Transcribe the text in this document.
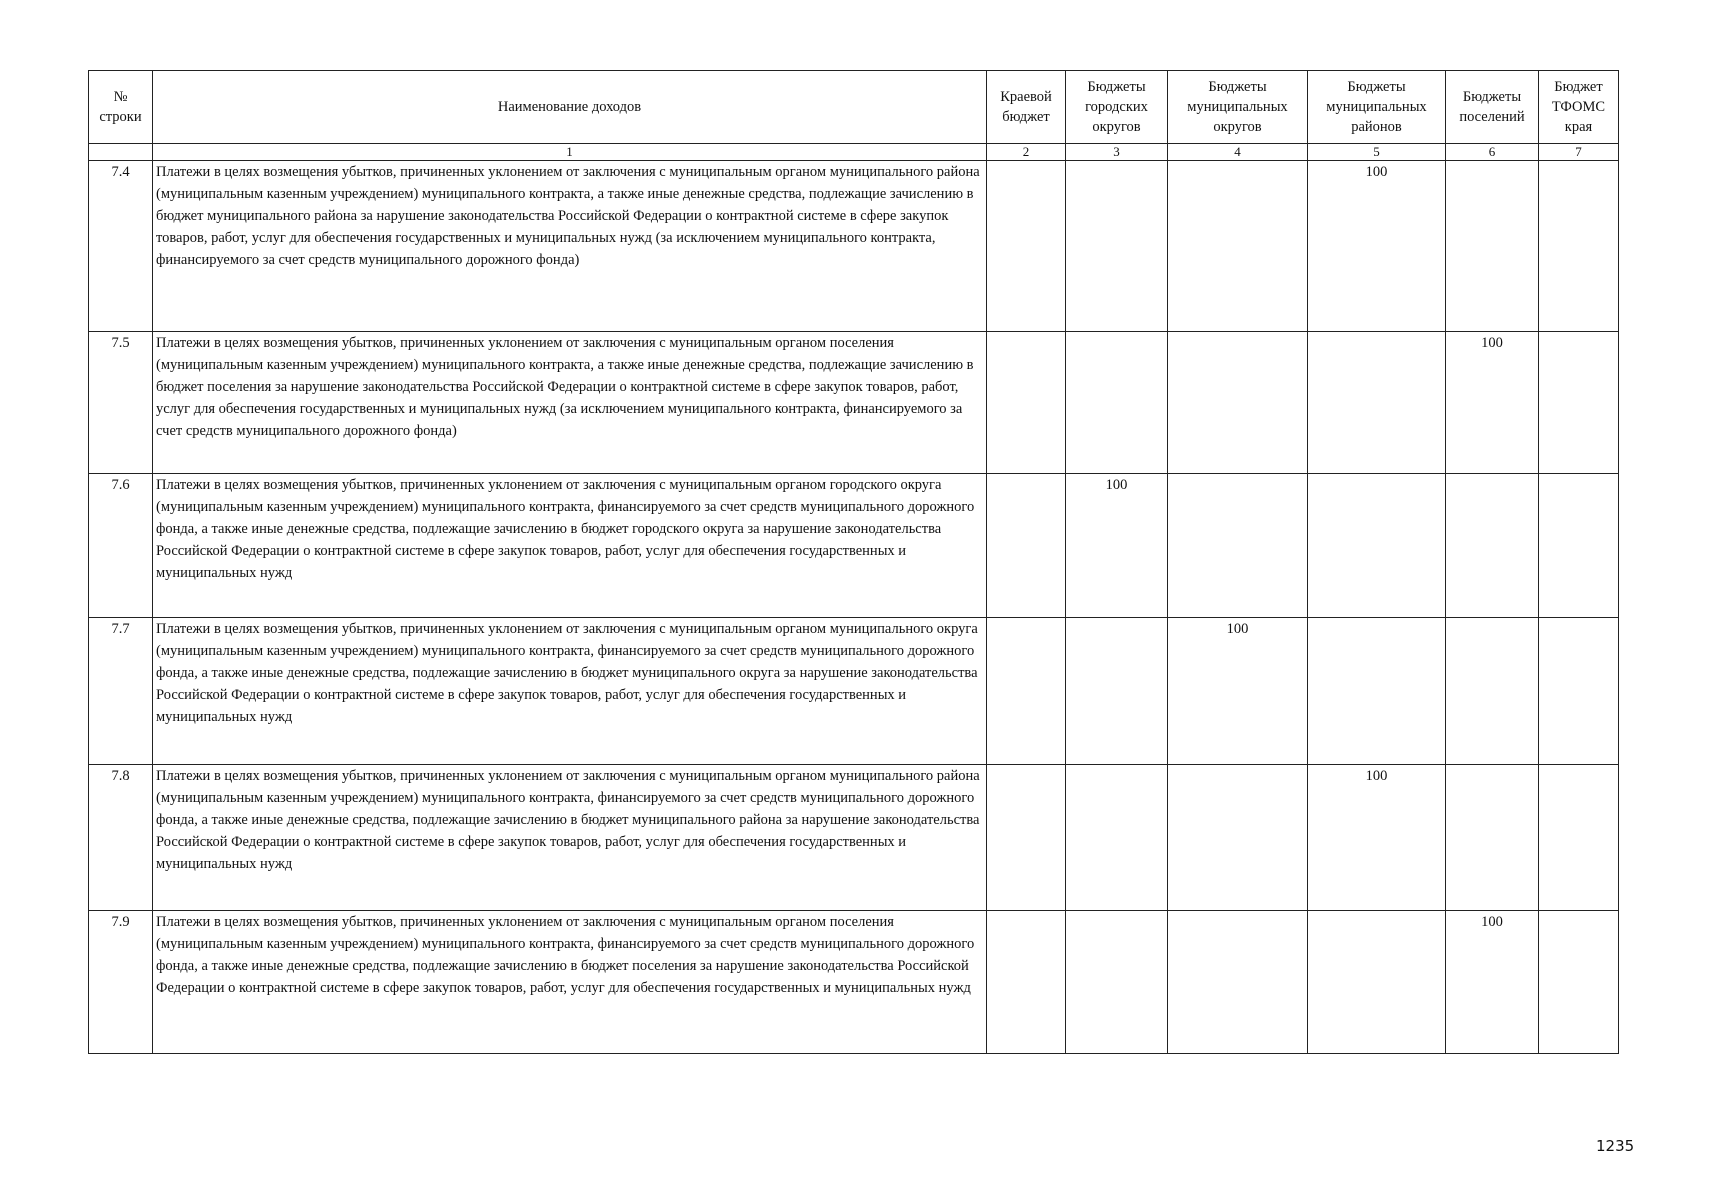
№ строки	Наименование доходов	Краевой бюджет	Бюджеты городских округов	Бюджеты муниципальных округов	Бюджеты муниципальных районов	Бюджеты поселений	Бюджет ТФОМС края
	1	2	3	4	5	6	7
7.4	Платежи в целях возмещения убытков, причиненных уклонением от заключения с муниципальным органом муниципального района (муниципальным казенным учреждением) муниципального контракта, а также иные денежные средства, подлежащие зачислению в бюджет муниципального района за нарушение законодательства Российской Федерации о контрактной системе в сфере закупок товаров, работ, услуг для обеспечения государственных и муниципальных нужд (за исключением муниципального контракта, финансируемого за счет средств муниципального дорожного фонда)				100		
7.5	Платежи в целях возмещения убытков, причиненных уклонением от заключения с муниципальным органом поселения (муниципальным казенным учреждением) муниципального контракта, а также иные денежные средства, подлежащие зачислению в бюджет поселения за нарушение законодательства Российской Федерации о контрактной системе в сфере закупок товаров, работ, услуг для обеспечения государственных и муниципальных нужд (за исключением муниципального контракта, финансируемого за счет средств муниципального дорожного фонда)					100	
7.6	Платежи в целях возмещения убытков, причиненных уклонением от заключения с муниципальным органом городского округа (муниципальным казенным учреждением) муниципального контракта, финансируемого за счет средств муниципального дорожного фонда, а также иные денежные средства, подлежащие зачислению в бюджет городского округа за нарушение законодательства Российской Федерации о контрактной системе в сфере закупок товаров, работ, услуг для обеспечения государственных и муниципальных нужд		100				
7.7	Платежи в целях возмещения убытков, причиненных уклонением от заключения с муниципальным органом муниципального округа (муниципальным казенным учреждением) муниципального контракта, финансируемого за счет средств муниципального дорожного фонда, а также иные денежные средства, подлежащие зачислению в бюджет муниципального округа за нарушение законодательства Российской Федерации о контрактной системе в сфере закупок товаров, работ, услуг для обеспечения государственных и муниципальных нужд			100			
7.8	Платежи в целях возмещения убытков, причиненных уклонением от заключения с муниципальным органом муниципального района (муниципальным казенным учреждением) муниципального контракта, финансируемого за счет средств муниципального дорожного фонда, а также иные денежные средства, подлежащие зачислению в бюджет муниципального района за нарушение законодательства Российской Федерации о контрактной системе в сфере закупок товаров, работ, услуг для обеспечения государственных и муниципальных нужд				100		
7.9	Платежи в целях возмещения убытков, причиненных уклонением от заключения с муниципальным органом поселения (муниципальным казенным учреждением) муниципального контракта, финансируемого за счет средств муниципального дорожного фонда, а также иные денежные средства, подлежащие зачислению в бюджет поселения за нарушение законодательства Российской Федерации о контрактной системе в сфере закупок товаров, работ, услуг для обеспечения государственных и муниципальных нужд					100	
1235
